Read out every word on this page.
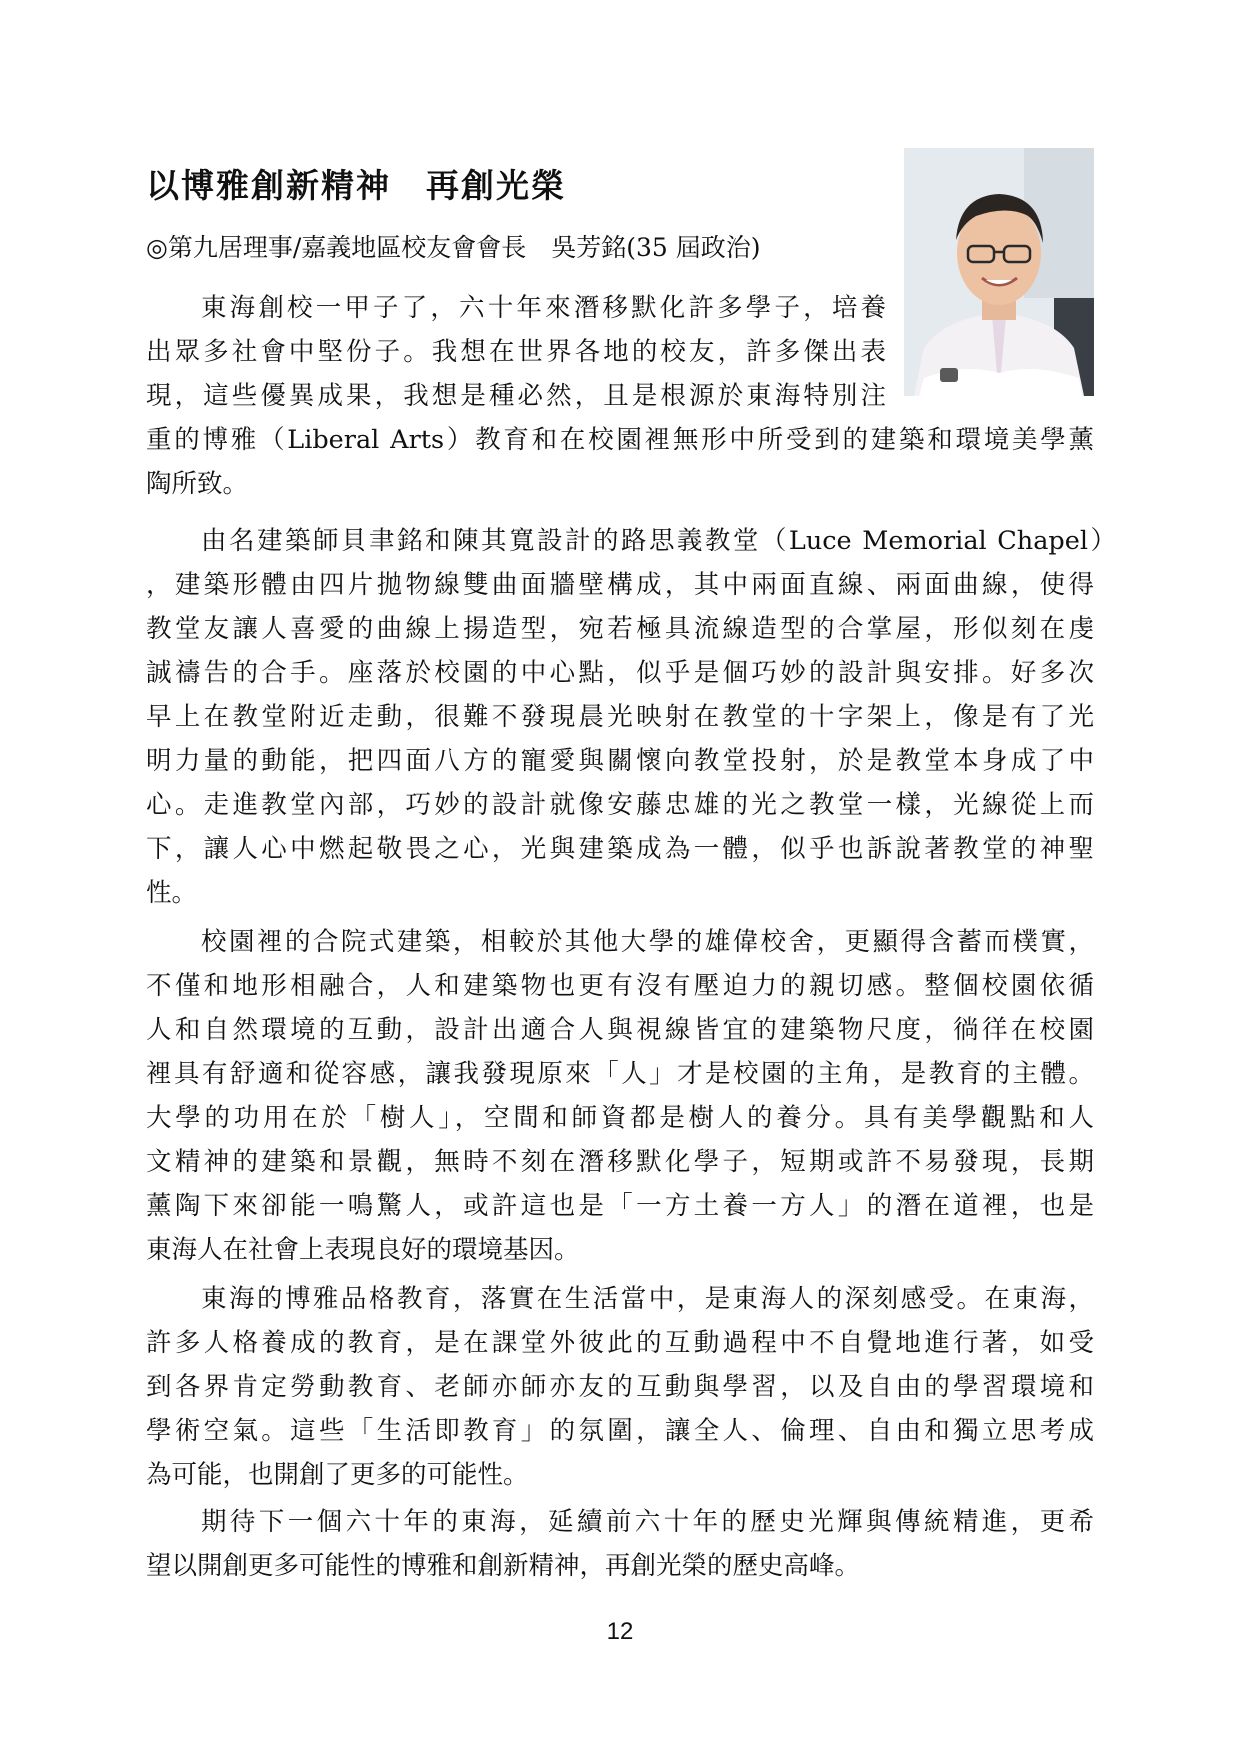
以博雅創新精神　再創光榮
◎第九居理事/嘉義地區校友會會長　吳芳銘(35 屆政治)
東海創校一甲子了，六十年來潛移默化許多學子，培養
出眾多社會中堅份子。我想在世界各地的校友，許多傑出表
現，這些優異成果，我想是種必然，且是根源於東海特別注
重的博雅（Liberal Arts）教育和在校園裡無形中所受到的建築和環境美學薰
陶所致。
由名建築師貝聿銘和陳其寬設計的路思義教堂（Luce Memorial Chapel）
，建築形體由四片拋物線雙曲面牆壁構成，其中兩面直線、兩面曲線，使得
教堂友讓人喜愛的曲線上揚造型，宛若極具流線造型的合掌屋，形似刻在虔
誠禱告的合手。座落於校園的中心點，似乎是個巧妙的設計與安排。好多次
早上在教堂附近走動，很難不發現晨光映射在教堂的十字架上，像是有了光
明力量的動能，把四面八方的寵愛與關懷向教堂投射，於是教堂本身成了中
心。走進教堂內部，巧妙的設計就像安藤忠雄的光之教堂一樣，光線從上而
下，讓人心中燃起敬畏之心，光與建築成為一體，似乎也訴說著教堂的神聖
性。
校園裡的合院式建築，相較於其他大學的雄偉校舍，更顯得含蓄而樸實，
不僅和地形相融合，人和建築物也更有沒有壓迫力的親切感。整個校園依循
人和自然環境的互動，設計出適合人與視線皆宜的建築物尺度，徜徉在校園
裡具有舒適和從容感，讓我發現原來「人」才是校園的主角，是教育的主體。
大學的功用在於「樹人」，空間和師資都是樹人的養分。具有美學觀點和人
文精神的建築和景觀，無時不刻在潛移默化學子，短期或許不易發現，長期
薰陶下來卻能一鳴驚人，或許這也是「一方土養一方人」的潛在道裡，也是
東海人在社會上表現良好的環境基因。
東海的博雅品格教育，落實在生活當中，是東海人的深刻感受。在東海，
許多人格養成的教育，是在課堂外彼此的互動過程中不自覺地進行著，如受
到各界肯定勞動教育、老師亦師亦友的互動與學習，以及自由的學習環境和
學術空氣。這些「生活即教育」的氛圍，讓全人、倫理、自由和獨立思考成
為可能，也開創了更多的可能性。
期待下一個六十年的東海，延續前六十年的歷史光輝與傳統精進，更希
望以開創更多可能性的博雅和創新精神，再創光榮的歷史高峰。
12
